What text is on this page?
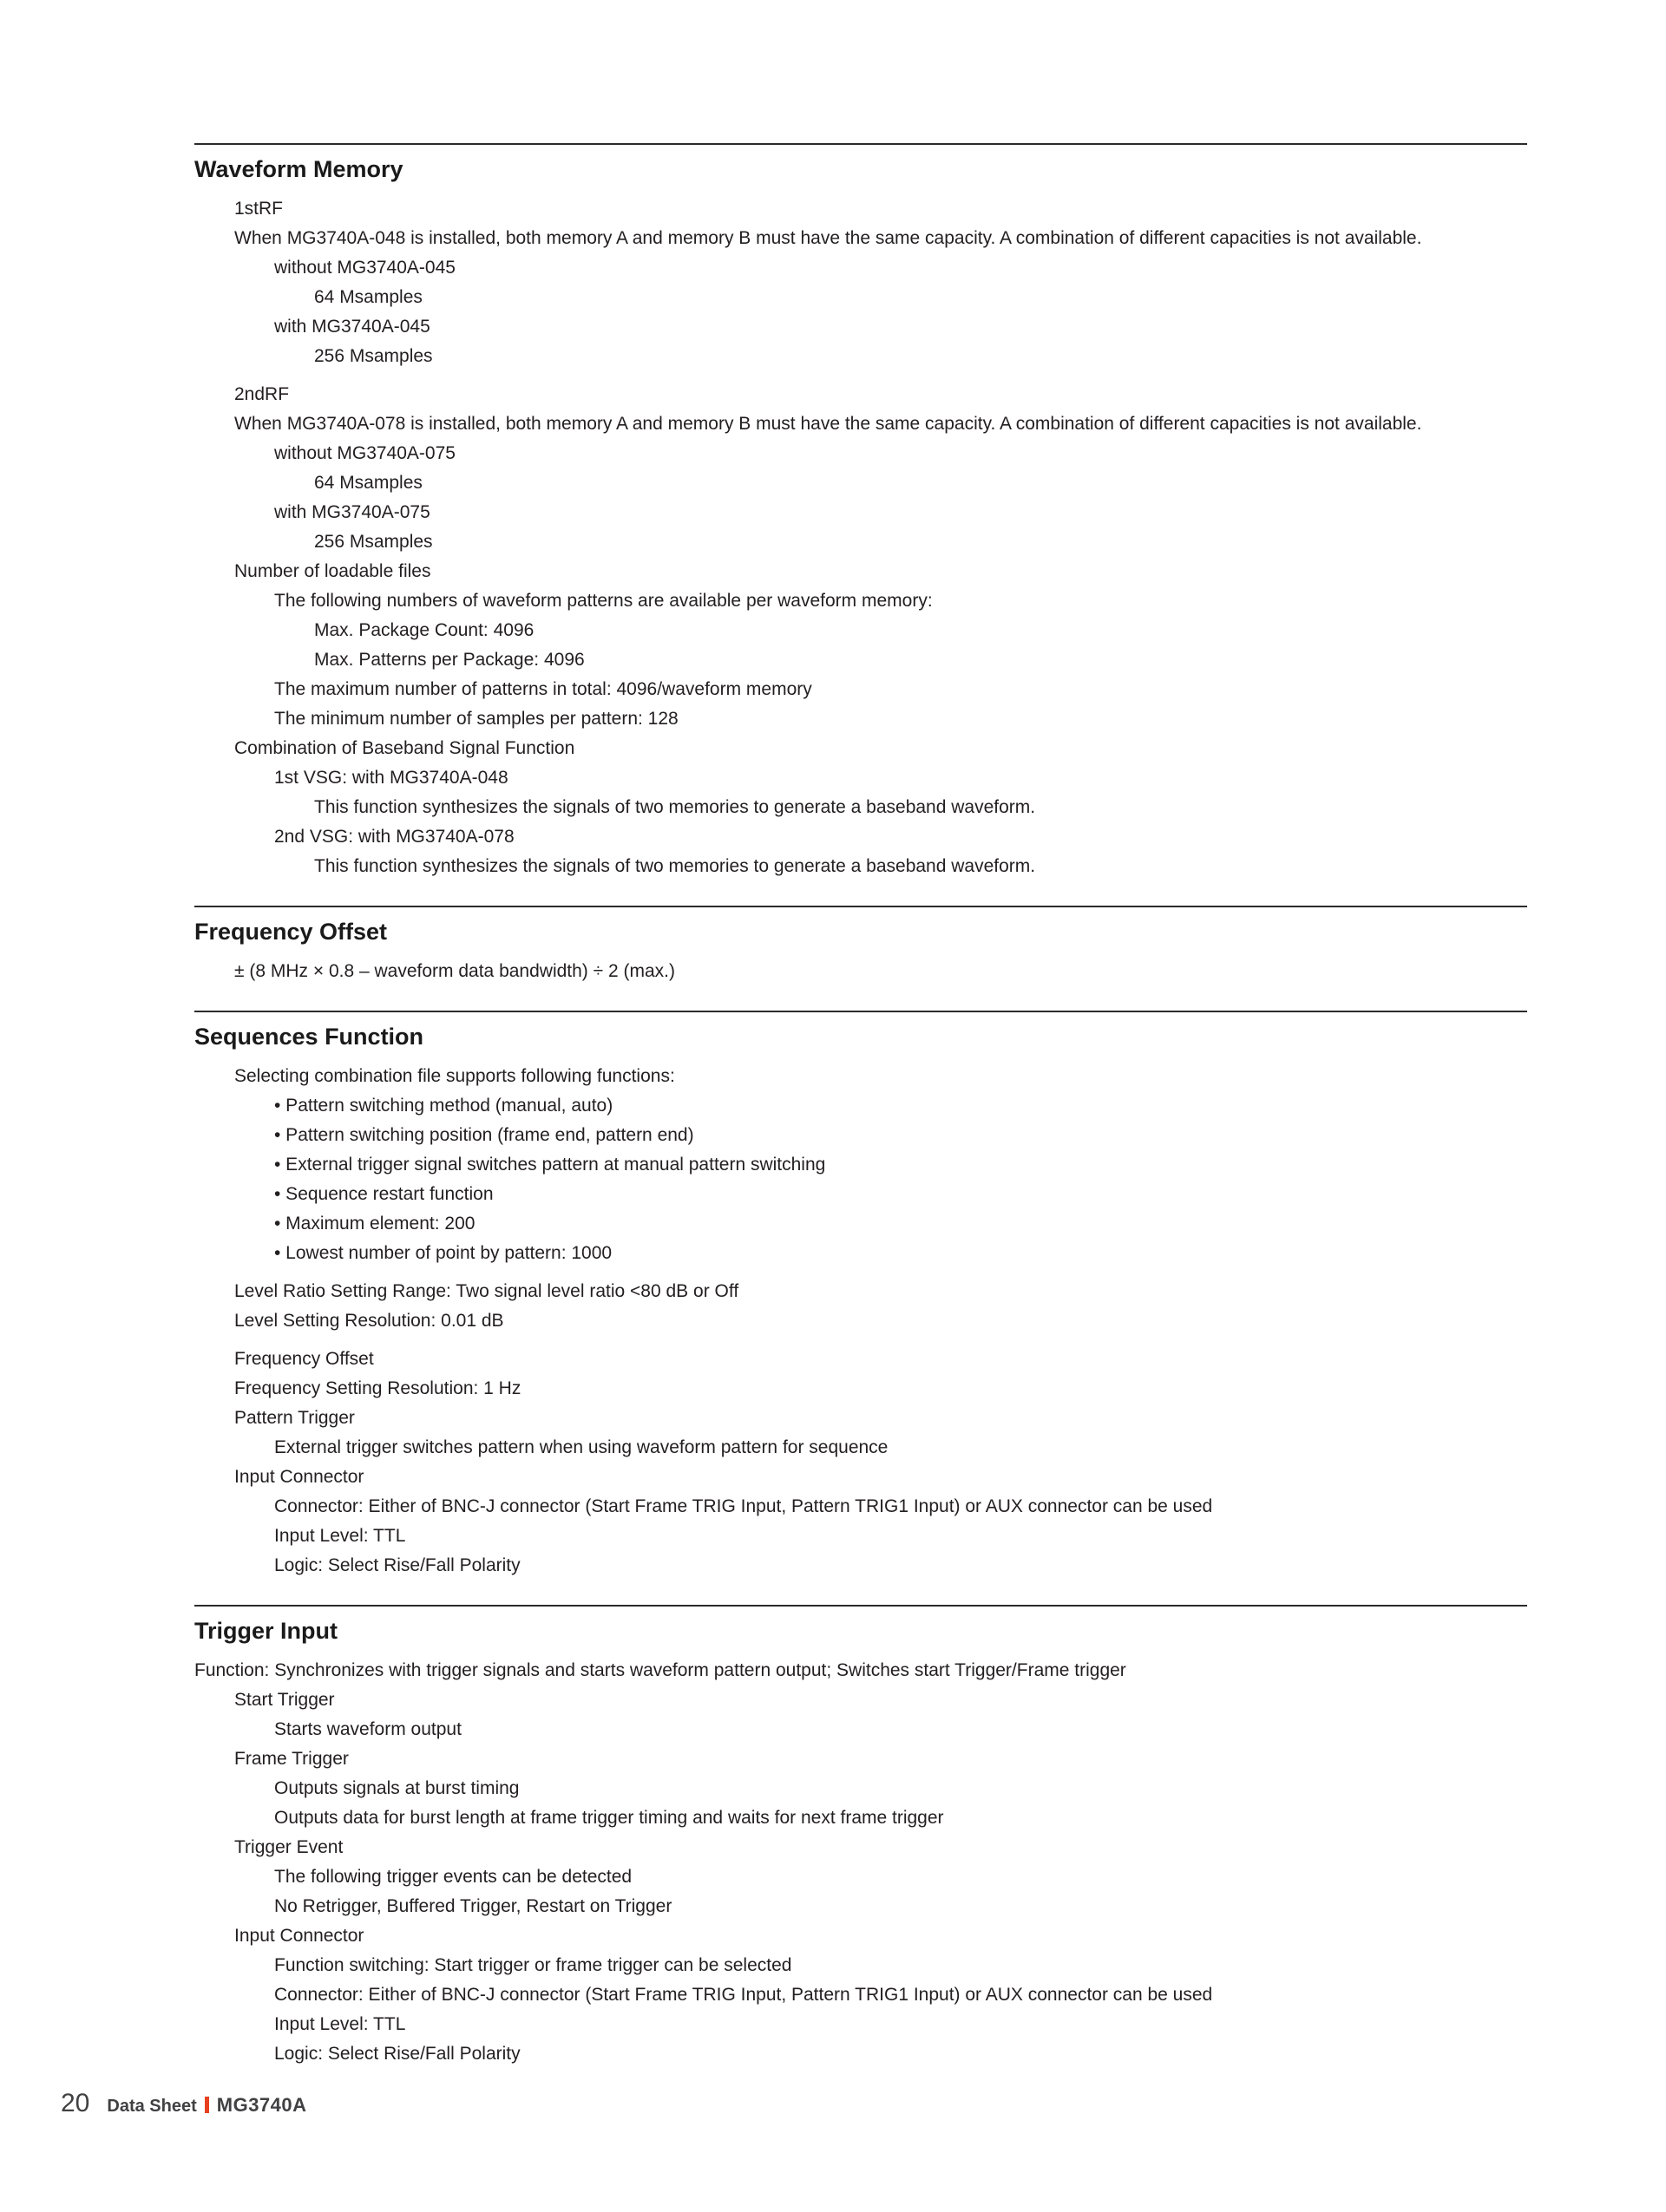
Waveform Memory

1stRF

When MG3740A-048 is installed, both memory A and memory B must have the same capacity. A combination of different capacities is not available.

without MG3740A-045

64 Msamples

with MG3740A-045

256 Msamples

2ndRF

When MG3740A-078 is installed, both memory A and memory B must have the same capacity. A combination of different capacities is not available.

without MG3740A-075

64 Msamples

with MG3740A-075

256 Msamples

Number of loadable files

The following numbers of waveform patterns are available per waveform memory:

Max. Package Count: 4096

Max. Patterns per Package: 4096

The maximum number of patterns in total: 4096/waveform memory

The minimum number of samples per pattern: 128

Combination of Baseband Signal Function

1st VSG: with MG3740A-048

This function synthesizes the signals of two memories to generate a baseband waveform.

2nd VSG: with MG3740A-078

This function synthesizes the signals of two memories to generate a baseband waveform.

Frequency Offset

± (8 MHz × 0.8 – waveform data bandwidth) ÷ 2 (max.)

Sequences Function

Selecting combination file supports following functions:

• Pattern switching method (manual, auto)

• Pattern switching position (frame end, pattern end)

• External trigger signal switches pattern at manual pattern switching

• Sequence restart function

• Maximum element: 200

• Lowest number of point by pattern: 1000

Level Ratio Setting Range: Two signal level ratio <80 dB or Off

Level Setting Resolution: 0.01 dB

Frequency Offset

Frequency Setting Resolution: 1 Hz

Pattern Trigger

External trigger switches pattern when using waveform pattern for sequence

Input Connector

Connector: Either of BNC-J connector (Start Frame TRIG Input, Pattern TRIG1 Input) or AUX connector can be used

Input Level: TTL

Logic: Select Rise/Fall Polarity

Trigger Input

Function: Synchronizes with trigger signals and starts waveform pattern output; Switches start Trigger/Frame trigger

Start Trigger

Starts waveform output

Frame Trigger

Outputs signals at burst timing

Outputs data for burst length at frame trigger timing and waits for next frame trigger

Trigger Event

The following trigger events can be detected

No Retrigger, Buffered Trigger, Restart on Trigger

Input Connector

Function switching: Start trigger or frame trigger can be selected

Connector: Either of BNC-J connector (Start Frame TRIG Input, Pattern TRIG1 Input) or AUX connector can be used

Input Level: TTL

Logic: Select Rise/Fall Polarity

20 Data Sheet MG3740A
